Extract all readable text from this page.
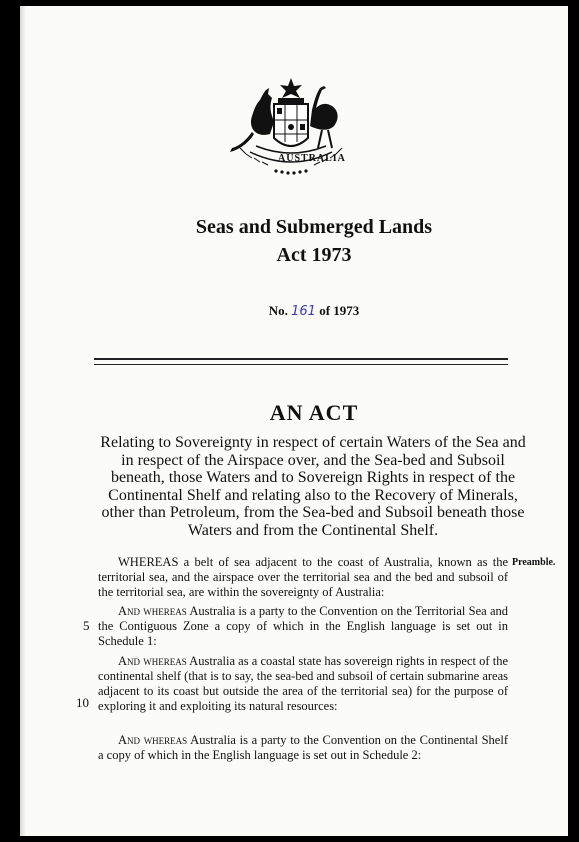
AUSTRALIA
Seas and Submerged Lands
Act 1973
No. 161 of 1973
AN ACT
Relating to Sovereignty in respect of certain Waters of the Sea and in respect of the Airspace over, and the Sea-bed and Subsoil beneath, those Waters and to Sovereign Rights in respect of the Continental Shelf and relating also to the Recovery of Minerals, other than Petroleum, from the Sea-bed and Subsoil beneath those Waters and from the Continental Shelf.
Preamble.

WHEREAS a belt of sea adjacent to the coast of Australia, known as the territorial sea, and the airspace over the territorial sea and the bed and subsoil of the territorial sea, are within the sovereignty of Australia:

And whereas Australia is a party to the Convention on the Territorial Sea and the Contiguous Zone a copy of which in the English language is set out in Schedule 1:

And whereas Australia as a coastal state has sovereign rights in respect of the continental shelf (that is to say, the sea-bed and subsoil of certain submarine areas adjacent to its coast but outside the area of the territorial sea) for the purpose of exploring it and exploiting its natural resources:

And whereas Australia is a party to the Convention on the Continental Shelf a copy of which in the English language is set out in Schedule 2:

5
10
